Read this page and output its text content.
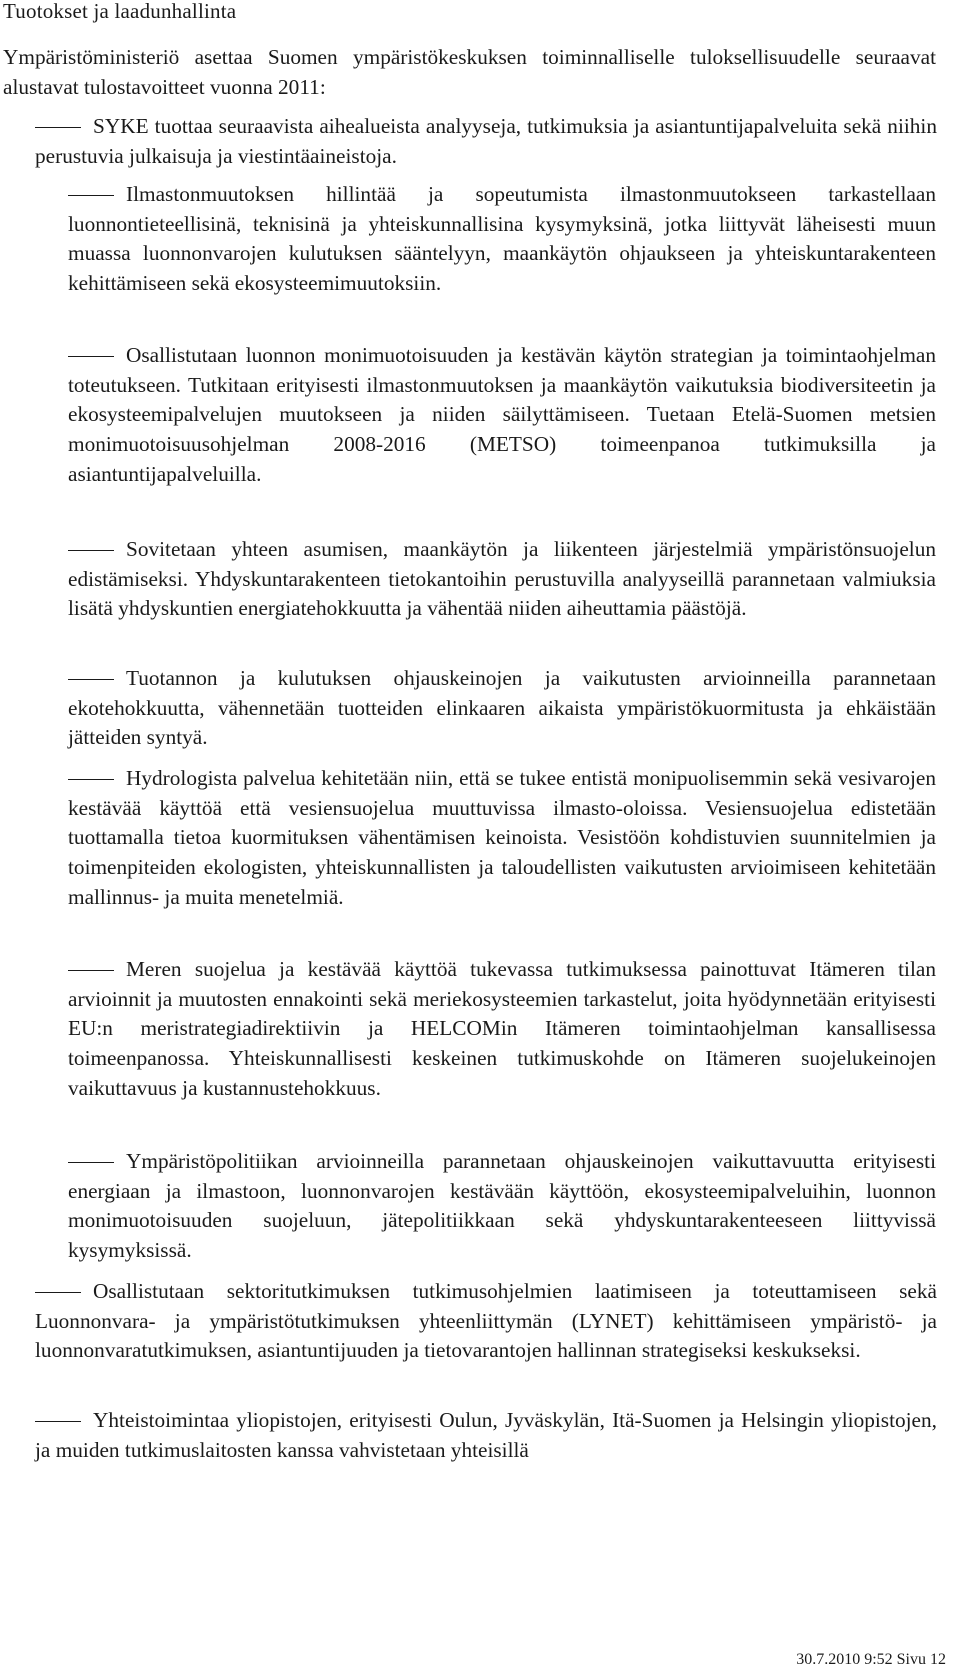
Tuotokset ja laadunhallinta

Ympäristöministeriö asettaa Suomen ympäristökeskuksen toiminnalliselle tuloksellisuudelle seuraavat alustavat tulostavoitteet vuonna 2011:

SYKE tuottaa seuraavista aihealueista analyyseja, tutkimuksia ja asiantuntijapalveluita sekä niihin perustuvia julkaisuja ja viestintäaineistoja.

Ilmastonmuutoksen hillintää ja sopeutumista ilmastonmuutokseen tarkastellaan luonnontieteellisinä, teknisinä ja yhteiskunnallisina kysymyksinä, jotka liittyvät läheisesti muun muassa luonnonvarojen kulutuksen sääntelyyn, maankäytön ohjaukseen ja yhteiskuntarakenteen kehittämiseen sekä ekosysteemimuutoksiin.

Osallistutaan luonnon monimuotoisuuden ja kestävän käytön strategian ja toimintaohjelman toteutukseen. Tutkitaan erityisesti ilmastonmuutoksen ja maankäytön vaikutuksia biodiversiteetin ja ekosysteemipalvelujen muutokseen ja niiden säilyttämiseen. Tuetaan Etelä-Suomen metsien monimuotoisuusohjelman 2008-2016 (METSO) toimeenpanoa tutkimuksilla ja asiantuntijapalveluilla.

Sovitetaan yhteen asumisen, maankäytön ja liikenteen järjestelmiä ympäristönsuojelun edistämiseksi. Yhdyskuntarakenteen tietokantoihin perustuvilla analyyseillä parannetaan valmiuksia lisätä yhdyskuntien energiatehokkuutta ja vähentää niiden aiheuttamia päästöjä.

Tuotannon ja kulutuksen ohjauskeinojen ja vaikutusten arvioinneilla parannetaan ekotehokkuutta, vähennetään tuotteiden elinkaaren aikaista ympäristökuormitusta ja ehkäistään jätteiden syntyä.

Hydrologista palvelua kehitetään niin, että se tukee entistä monipuolisemmin sekä vesivarojen kestävää käyttöä että vesiensuojelua muuttuvissa ilmasto-oloissa. Vesiensuojelua edistetään tuottamalla tietoa kuormituksen vähentämisen keinoista. Vesistöön kohdistuvien suunnitelmien ja toimenpiteiden ekologisten, yhteiskunnallisten ja taloudellisten vaikutusten arvioimiseen kehitetään mallinnus- ja muita menetelmiä.

Meren suojelua ja kestävää käyttöä tukevassa tutkimuksessa painottuvat Itämeren tilan arvioinnit ja muutosten ennakointi sekä meriekosysteemien tarkastelut, joita hyödynnetään erityisesti EU:n meristrategiadirektiivin ja HELCOMin Itämeren toimintaohjelman kansallisessa toimeenpanossa. Yhteiskunnallisesti keskeinen tutkimuskohde on Itämeren suojelukeinojen vaikuttavuus ja kustannustehokkuus.

Ympäristöpolitiikan arvioinneilla parannetaan ohjauskeinojen vaikuttavuutta erityisesti energiaan ja ilmastoon, luonnonvarojen kestävään käyttöön, ekosysteemipalveluihin, luonnon monimuotoisuuden suojeluun, jätepolitiikkaan sekä yhdyskuntarakenteeseen liittyvissä kysymyksissä.

Osallistutaan sektoritutkimuksen tutkimusohjelmien laatimiseen ja toteuttamiseen sekä Luonnonvara- ja ympäristötutkimuksen yhteenliittymän (LYNET) kehittämiseen ympäristö- ja luonnonvaratutkimuksen, asiantuntijuuden ja tietovarantojen hallinnan strategiseksi keskukseksi.

Yhteistoimintaa yliopistojen, erityisesti Oulun, Jyväskylän, Itä-Suomen ja Helsingin yliopistojen, ja muiden tutkimuslaitosten kanssa vahvistetaan yhteisillä

30.7.2010 9:52 Sivu 12
